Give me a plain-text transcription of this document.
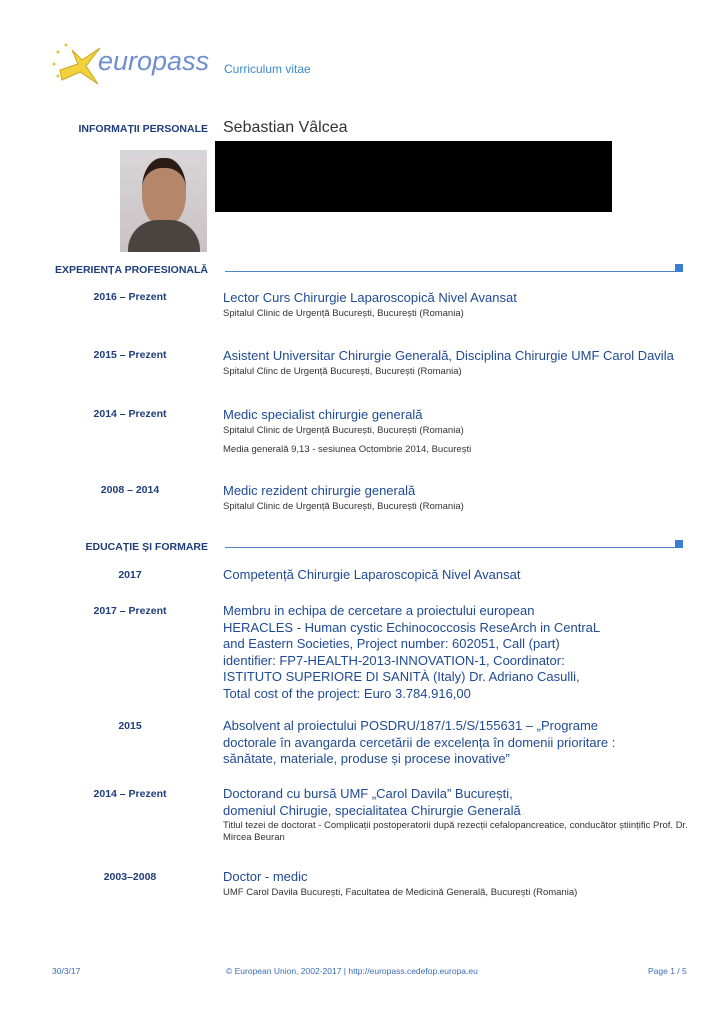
europass Curriculum vitae
INFORMAȚII PERSONALE Sebastian Vâlcea
EXPERIENȚA PROFESIONALĂ
2016 – Prezent	Lector Curs Chirurgie Laparoscopică Nivel Avansat
Spitalul Clinic de Urgență București, București (Romania)
2015 – Prezent	Asistent Universitar Chirurgie Generală, Disciplina Chirurgie UMF Carol Davila
Spitalul Clinc de Urgență București, București (Romania)
2014 – Prezent	Medic specialist chirurgie generală
Spitalul Clinic de Urgență București, București (Romania)
Media generală 9,13 - sesiunea Octombrie 2014, București
2008 – 2014	Medic rezident chirurgie generală
Spitalul Clinic de Urgență București, București (Romania)
EDUCAȚIE ȘI FORMARE
2017	Competență Chirurgie Laparoscopică Nivel Avansat
2017 – Prezent	Membru in echipa de cercetare a proiectului european HERACLES - Human cystic Echinococcosis ReseArch in CentraL and Eastern Societies, Project number: 602051, Call (part) identifier: FP7-HEALTH-2013-INNOVATION-1, Coordinator: ISTITUTO SUPERIORE DI SANITÀ (Italy) Dr. Adriano Casulli, Total cost of the project: Euro 3.784.916,00
2015	Absolvent al proiectului POSDRU/187/1.5/S/155631 – „Programe doctorale în avangarda cercetării de excelența în domenii prioritare : sănătate, materiale, produse și procese inovative”
2014 – Prezent	Doctorand cu bursă UMF „Carol Davila” București, domeniul Chirugie, specialitatea Chirurgie Generală
Titlul tezei de doctorat - Complicații postoperatorii după rezecții cefalopancreatice, conducător științific Prof. Dr. Mircea Beuran
2003–2008	Doctor - medic
UMF Carol Davila București, Facultatea de Medicină Generală, București (Romania)
30/3/17	© European Union, 2002-2017 | http://europass.cedefop.europa.eu	Page 1 / 5
